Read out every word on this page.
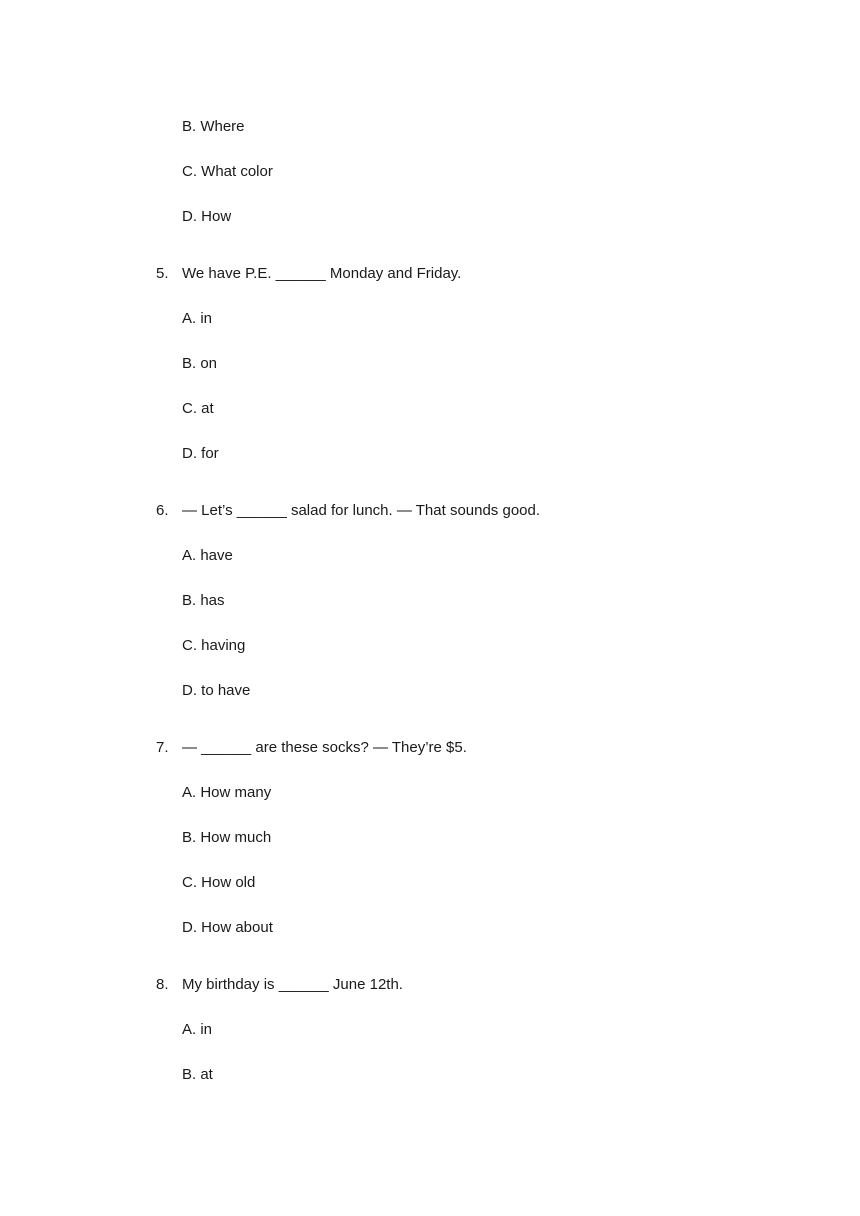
B. Where
C. What color
D. How
5. We have P.E. ______ Monday and Friday.
A. in
B. on
C. at
D. for
6. — Let’s ______ salad for lunch. — That sounds good.
A. have
B. has
C. having
D. to have
7. — ______ are these socks? — They’re $5.
A. How many
B. How much
C. How old
D. How about
8. My birthday is ______ June 12th.
A. in
B. at
